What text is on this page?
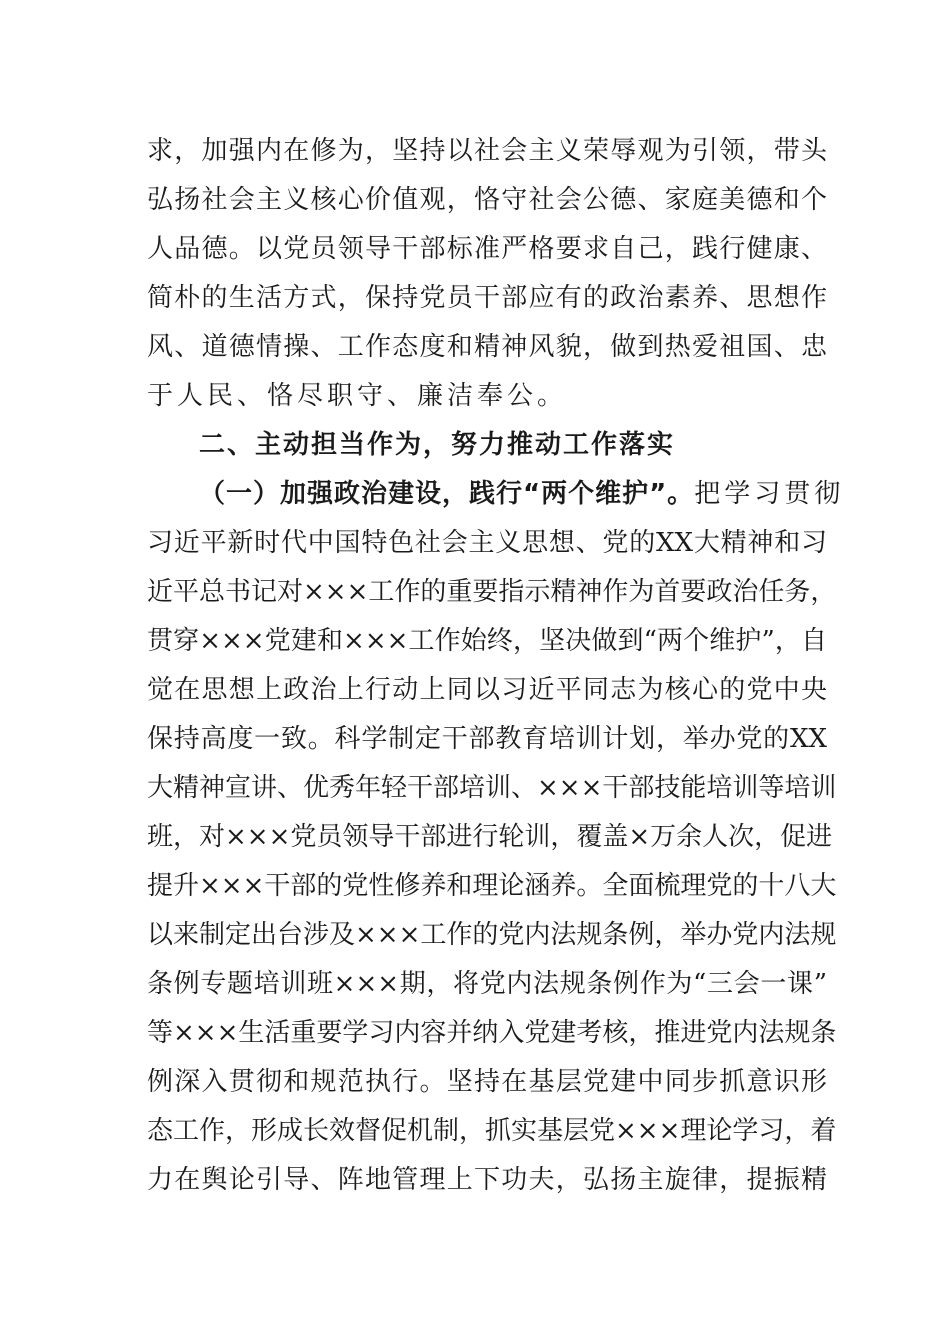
求，加强内在修为，坚持以社会主义荣辱观为引领，带头
弘扬社会主义核心价值观，恪守社会公德、家庭美德和个
人品德。以党员领导干部标准严格要求自己，践行健康、
简朴的生活方式，保持党员干部应有的政治素养、思想作
风、道德情操、工作态度和精神风貌，做到热爱祖国、忠
于人民、恪尽职守、廉洁奉公。
二、主动担当作为，努力推动工作落实
（一）加强政治建设，践行“两个维护”。把学习贯彻
习近平新时代中国特色社会主义思想、党的XX大精神和习
近平总书记对×××工作的重要指示精神作为首要政治任务，
贯穿×××党建和×××工作始终，坚决做到“两个维护”，自
觉在思想上政治上行动上同以习近平同志为核心的党中央
保持高度一致。科学制定干部教育培训计划，举办党的XX
大精神宣讲、优秀年轻干部培训、×××干部技能培训等培训
班，对×××党员领导干部进行轮训，覆盖×万余人次，促进
提升×××干部的党性修养和理论涵养。全面梳理党的十八大
以来制定出台涉及×××工作的党内法规条例，举办党内法规
条例专题培训班×××期，将党内法规条例作为“三会一课”
等×××生活重要学习内容并纳入党建考核，推进党内法规条
例深入贯彻和规范执行。坚持在基层党建中同步抓意识形
态工作，形成长效督促机制，抓实基层党×××理论学习，着
力在舆论引导、阵地管理上下功夫，弘扬主旋律，提振精
